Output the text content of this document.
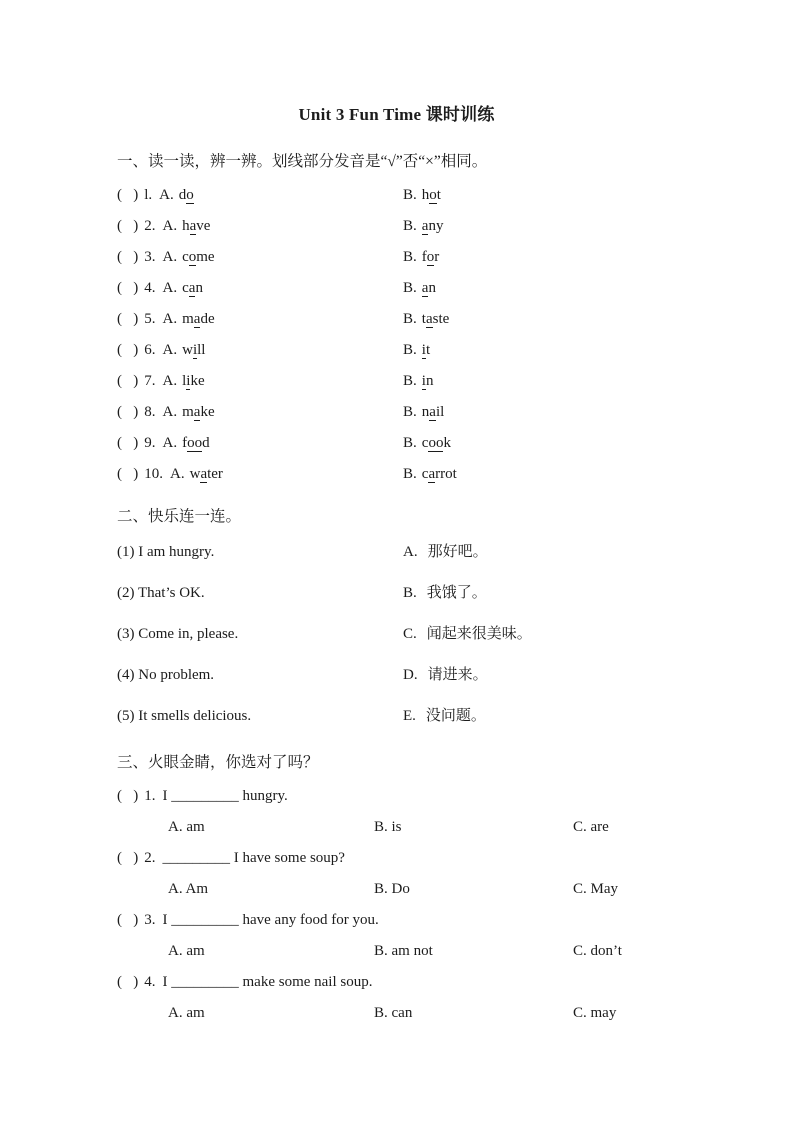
Unit 3 Fun Time 课时训练
一、读一读，辨一辨。划线部分发音是“√”否“×”相同。
(   ) l. A. do	B. hot
(   ) 2. A. have	B. any
(   ) 3. A. come	B. for
(   ) 4. A. can	B. an
(   ) 5. A. made	B. taste
(   ) 6. A. will	B. it
(   ) 7. A. like	B. in
(   ) 8. A. make	B. nail
(   ) 9. A. food	B. cook
(   ) 10. A. water	B. carrot
二、快乐连一连。
(1) I am hungry.	A. 那好吧。
(2) That’s OK.	B. 我饿了。
(3) Come in, please.	C. 闻起来很美味。
(4) No problem.	D. 请进来。
(5) It smells delicious.	E. 没问题。
三、火眼金睛，你选对了吗？
(   ) 1. I _________ hungry.
A. am	B. is	C. are
(   ) 2. _________ I have some soup?
A. Am	B. Do	C. May
(   ) 3. I _________ have any food for you.
A. am	B. am not	C. don’t
(   ) 4. I _________ make some nail soup.
A. am	B. can	C. may
